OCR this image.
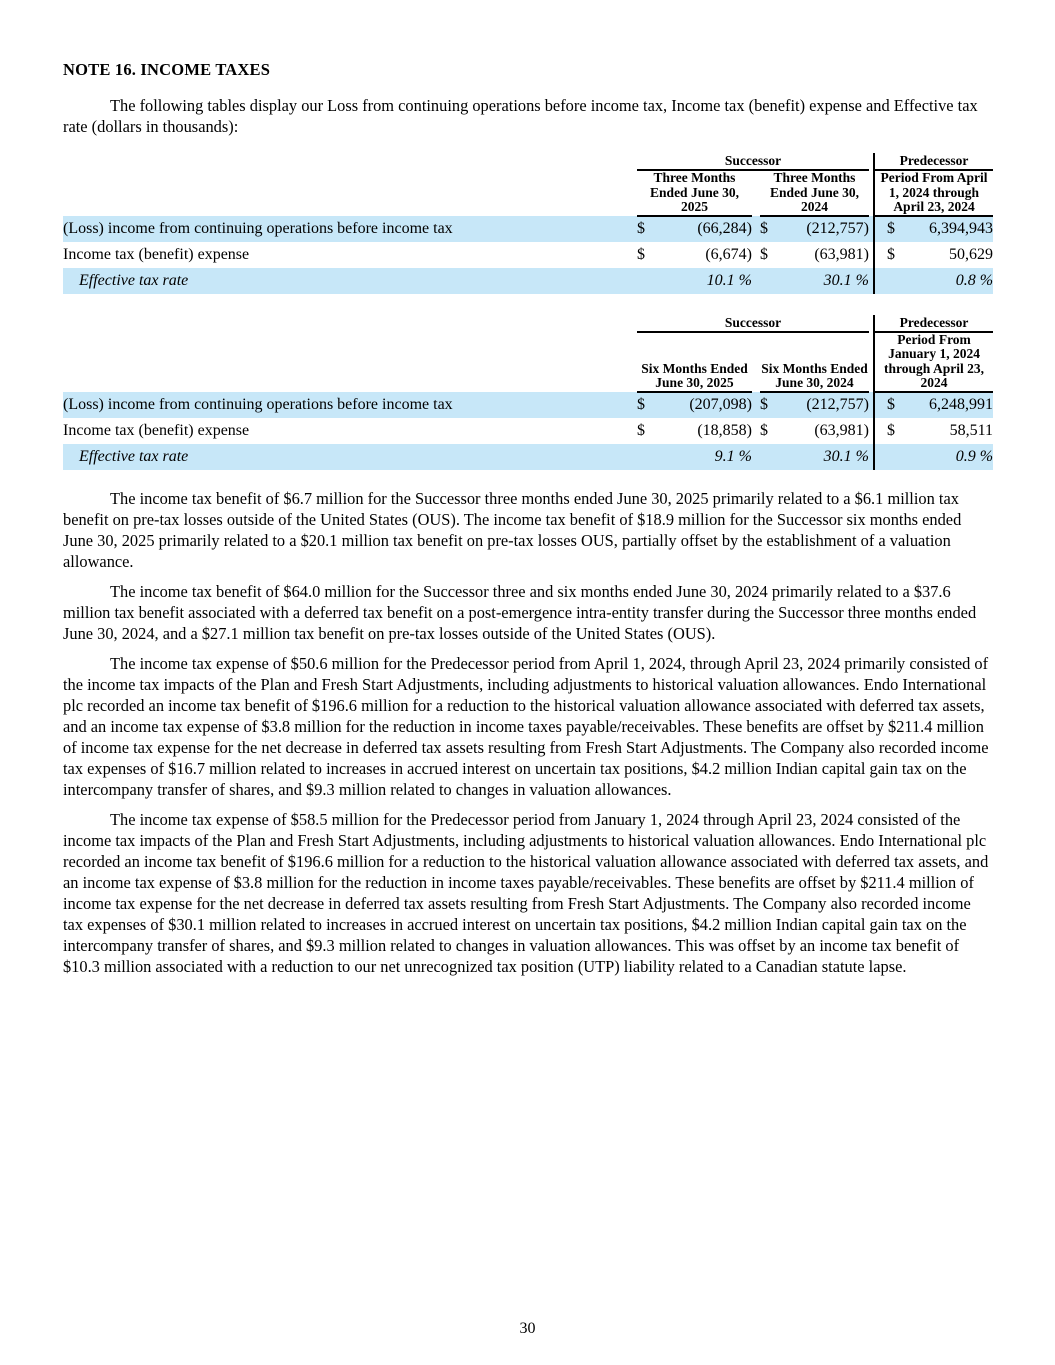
NOTE 16. INCOME TAXES

The following tables display our Loss from continuing operations before income tax, Income tax (benefit) expense and Effective tax rate (dollars in thousands):

	Successor						Predecessor	
	Three Months Ended June 30, 2025			Three Months Ended June 30, 2024			Period From April 1, 2024 through April 23, 2024	
(Loss) income from continuing operations before income tax	$	(66,284)		$	(212,757)		$	6,394,943
Income tax (benefit) expense	$	(6,674)		$	(63,981)		$	50,629
Effective tax rate	10.1 %			30.1 %			0.8 %	
	Successor						Predecessor	
	Six Months Ended June 30, 2025			Six Months Ended June 30, 2024			Period From January 1, 2024 through April 23, 2024	
(Loss) income from continuing operations before income tax	$	(207,098)		$	(212,757)		$	6,248,991
Income tax (benefit) expense	$	(18,858)		$	(63,981)		$	58,511
Effective tax rate	9.1 %			30.1 %			0.9 %	

The income tax benefit of $6.7 million for the Successor three months ended June 30, 2025 primarily related to a $6.1 million tax benefit on pre-tax losses outside of the United States (OUS). The income tax benefit of $18.9 million for the Successor six months ended June 30, 2025 primarily related to a $20.1 million tax benefit on pre-tax losses OUS, partially offset by the establishment of a valuation allowance.

The income tax benefit of $64.0 million for the Successor three and six months ended June 30, 2024 primarily related to a $37.6 million tax benefit associated with a deferred tax benefit on a post-emergence intra-entity transfer during the Successor three months ended June 30, 2024, and a $27.1 million tax benefit on pre-tax losses outside of the United States (OUS).

The income tax expense of $50.6 million for the Predecessor period from April 1, 2024, through April 23, 2024 primarily consisted of the income tax impacts of the Plan and Fresh Start Adjustments, including adjustments to historical valuation allowances. Endo International plc recorded an income tax benefit of $196.6 million for a reduction to the historical valuation allowance associated with deferred tax assets, and an income tax expense of $3.8 million for the reduction in income taxes payable/receivables. These benefits are offset by $211.4 million of income tax expense for the net decrease in deferred tax assets resulting from Fresh Start Adjustments. The Company also recorded income tax expenses of $16.7 million related to increases in accrued interest on uncertain tax positions, $4.2 million Indian capital gain tax on the intercompany transfer of shares, and $9.3 million related to changes in valuation allowances.

The income tax expense of $58.5 million for the Predecessor period from January 1, 2024 through April 23, 2024 consisted of the income tax impacts of the Plan and Fresh Start Adjustments, including adjustments to historical valuation allowances. Endo International plc recorded an income tax benefit of $196.6 million for a reduction to the historical valuation allowance associated with deferred tax assets, and an income tax expense of $3.8 million for the reduction in income taxes payable/receivables. These benefits are offset by $211.4 million of income tax expense for the net decrease in deferred tax assets resulting from Fresh Start Adjustments. The Company also recorded income tax expenses of $30.1 million related to increases in accrued interest on uncertain tax positions, $4.2 million Indian capital gain tax on the intercompany transfer of shares, and $9.3 million related to changes in valuation allowances. This was offset by an income tax benefit of $10.3 million associated with a reduction to our net unrecognized tax position (UTP) liability related to a Canadian statute lapse.

30
